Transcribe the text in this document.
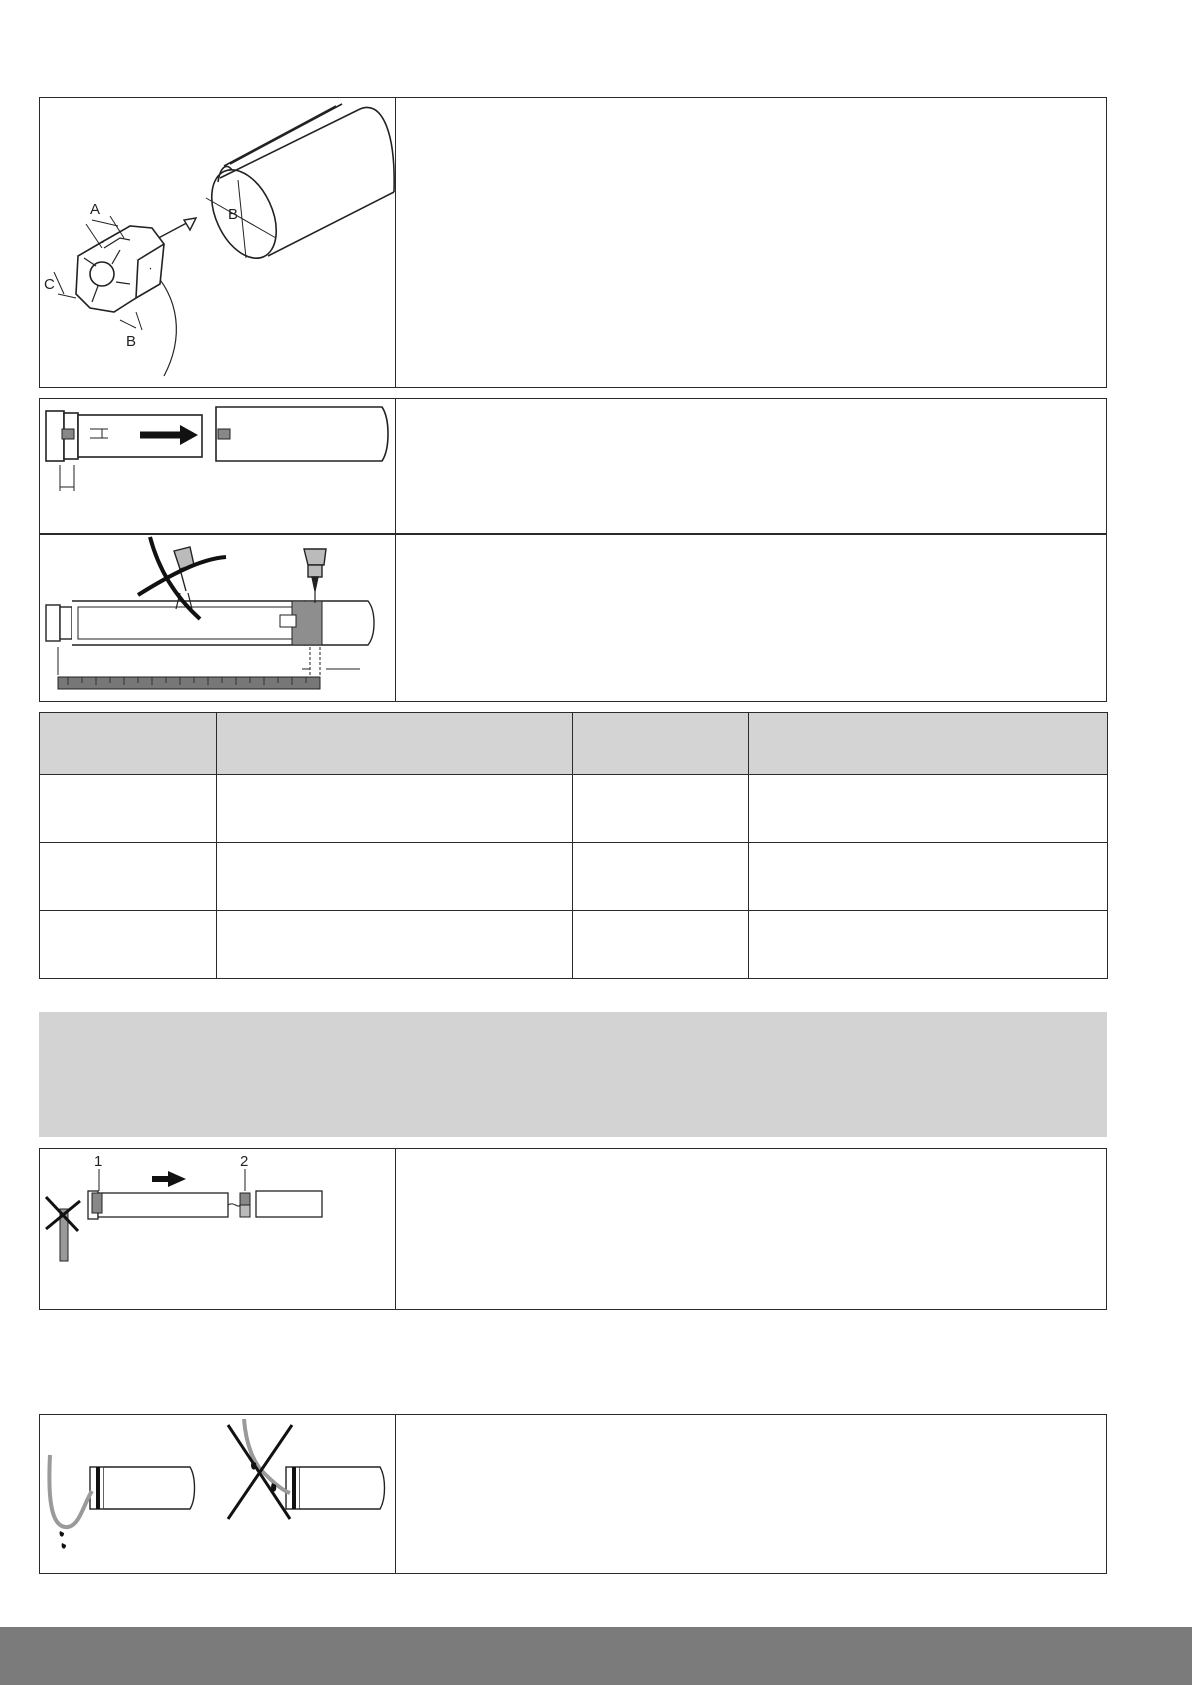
B
A
C
B

1	2
